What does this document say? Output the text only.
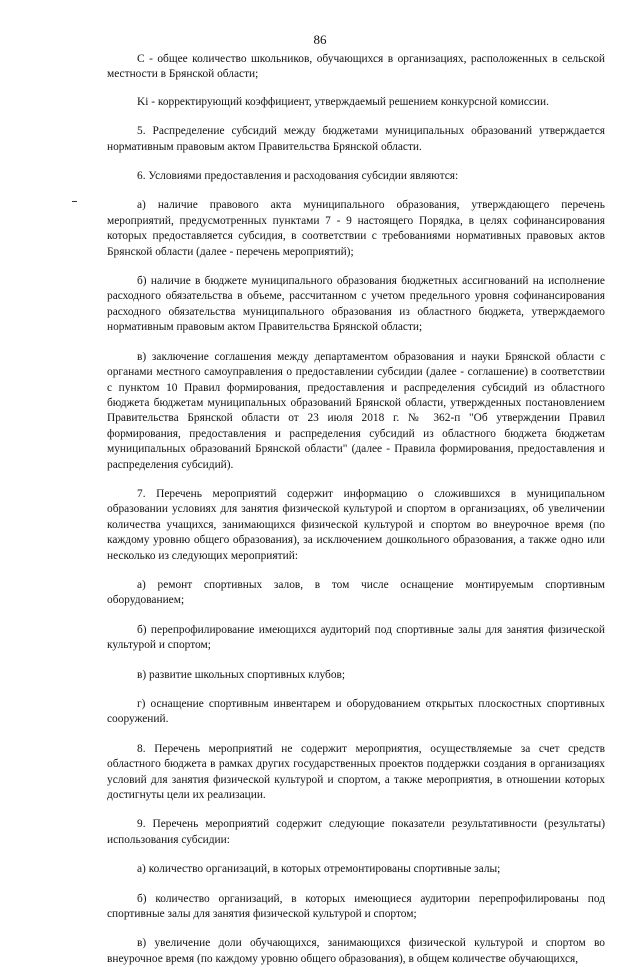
86

С - общее количество школьников, обучающихся в организациях, расположенных в сельской местности в Брянской области;

Ki - корректирующий коэффициент, утверждаемый решением конкурсной комиссии.

5. Распределение субсидий между бюджетами муниципальных образований утверждается нормативным правовым актом Правительства Брянской области.

6. Условиями предоставления и расходования субсидии являются:

а) наличие правового акта муниципального образования, утверждающего перечень мероприятий, предусмотренных пунктами 7 - 9 настоящего Порядка, в целях софинансирования которых предоставляется субсидия, в соответствии с требованиями нормативных правовых актов Брянской области (далее - перечень мероприятий);

б) наличие в бюджете муниципального образования бюджетных ассигнований на исполнение расходного обязательства в объеме, рассчитанном с учетом предельного уровня софинансирования расходного обязательства муниципального образования из областного бюджета, утверждаемого нормативным правовым актом Правительства Брянской области;

в) заключение соглашения между департаментом образования и науки Брянской области с органами местного самоуправления о предоставлении субсидии (далее - соглашение) в соответствии с пунктом 10 Правил формирования, предоставления и распределения субсидий из областного бюджета бюджетам муниципальных образований Брянской области, утвержденных постановлением Правительства Брянской области от 23 июля 2018 г. № 362-п "Об утверждении Правил формирования, предоставления и распределения субсидий из областного бюджета бюджетам муниципальных образований Брянской области" (далее - Правила формирования, предоставления и распределения субсидий).

7. Перечень мероприятий содержит информацию о сложившихся в муниципальном образовании условиях для занятия физической культурой и спортом в организациях, об увеличении количества учащихся, занимающихся физической культурой и спортом во внеурочное время (по каждому уровню общего образования), за исключением дошкольного образования, а также одно или несколько из следующих мероприятий:

а) ремонт спортивных залов, в том числе оснащение монтируемым спортивным оборудованием;

б) перепрофилирование имеющихся аудиторий под спортивные залы для занятия физической культурой и спортом;

в) развитие школьных спортивных клубов;

г) оснащение спортивным инвентарем и оборудованием открытых плоскостных спортивных сооружений.

8. Перечень мероприятий не содержит мероприятия, осуществляемые за счет средств областного бюджета в рамках других государственных проектов поддержки создания в организациях условий для занятия физической культурой и спортом, а также мероприятия, в отношении которых достигнуты цели их реализации.

9. Перечень мероприятий содержит следующие показатели результативности (результаты) использования субсидии:

а) количество организаций, в которых отремонтированы спортивные залы;

б) количество организаций, в которых имеющиеся аудитории перепрофилированы под спортивные залы для занятия физической культурой и спортом;

в) увеличение доли обучающихся, занимающихся физической культурой и спортом во внеурочное время (по каждому уровню общего образования), в общем количестве обучающихся,
